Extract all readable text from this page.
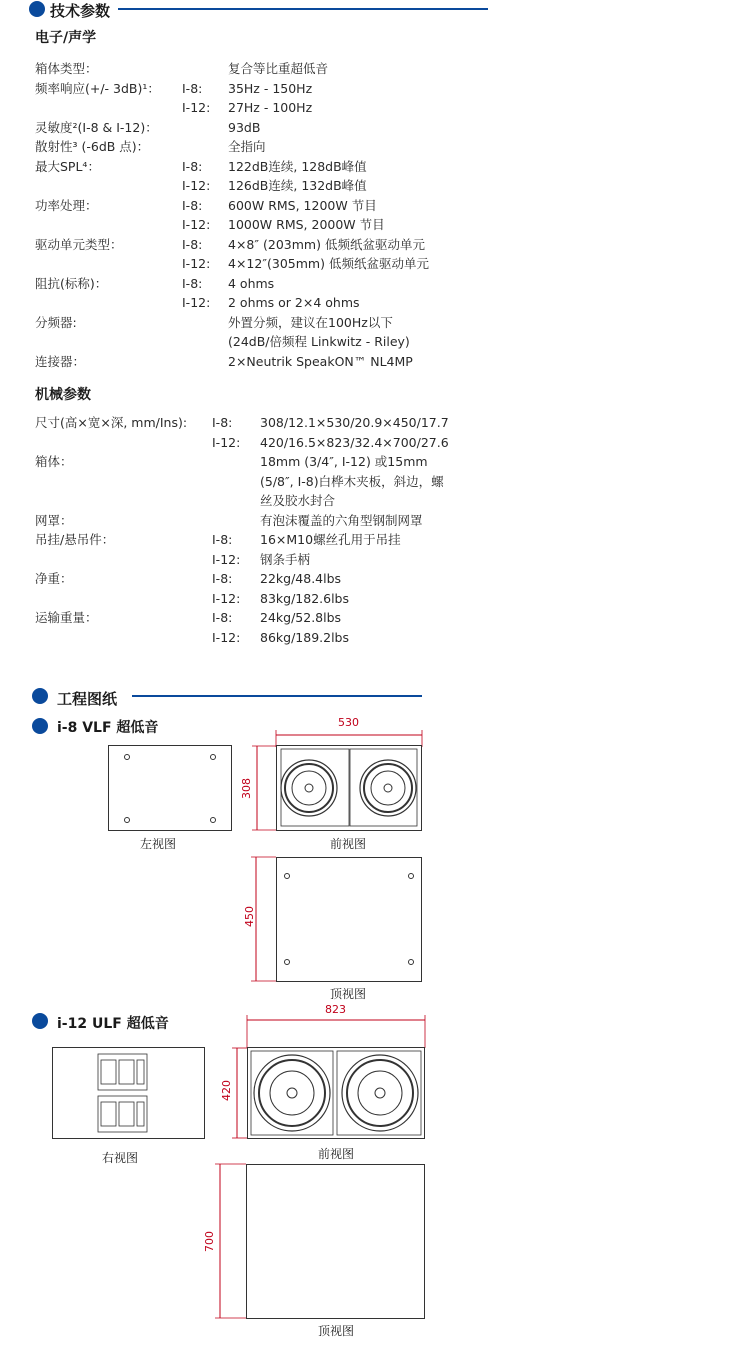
技术参数
电子/声学
箱体类型：	复合等比重超低音
频率响应(+/- 3dB)¹： I-8: 35Hz - 150Hz
I-12: 27Hz - 100Hz
灵敏度²(I-8 & I-12)：	93dB
散射性³ (-6dB 点)：	全指向
最大SPL⁴：	I-8: 122dB连续, 128dB峰值
I-12: 126dB连续, 132dB峰值
功率处理：	I-8: 600W RMS, 1200W 节目
I-12: 1000W RMS, 2000W 节目
驱动单元类型：	I-8: 4×8″ (203mm) 低频纸盆驱动单元
I-12: 4×12″(305mm) 低频纸盆驱动单元
阻抗(标称)：	I-8: 4 ohms
I-12: 2 ohms or 2×4 ohms
分频器:	外置分频，建议在100Hz以下
(24dB/倍频程 Linkwitz - Riley)
连接器：	2×Neutrik SpeakON™ NL4MP
机械参数
尺寸(高×宽×深, mm/Ins): I-8: 308/12.1×530/20.9×450/17.7
I-12: 420/16.5×823/32.4×700/27.6
箱体：	18mm (3/4″, I-12) 或15mm
(5/8″, I-8)白桦木夹板，斜边，螺
丝及胶水封合
网罩：	有泡沫覆盖的六角型钢制网罩
吊挂/悬吊件：	I-8: 16×M10螺丝孔用于吊挂
I-12: 钢条手柄
净重：	I-8: 22kg/48.4lbs
I-12: 83kg/182.6lbs
运输重量：	I-8: 24kg/52.8lbs
I-12: 86kg/189.2lbs
工程图纸
i-8 VLF 超低音
左视图
530
308
前视图
450
顶视图
i-12 ULF 超低音
右视图
823
420
前视图
700
顶视图
